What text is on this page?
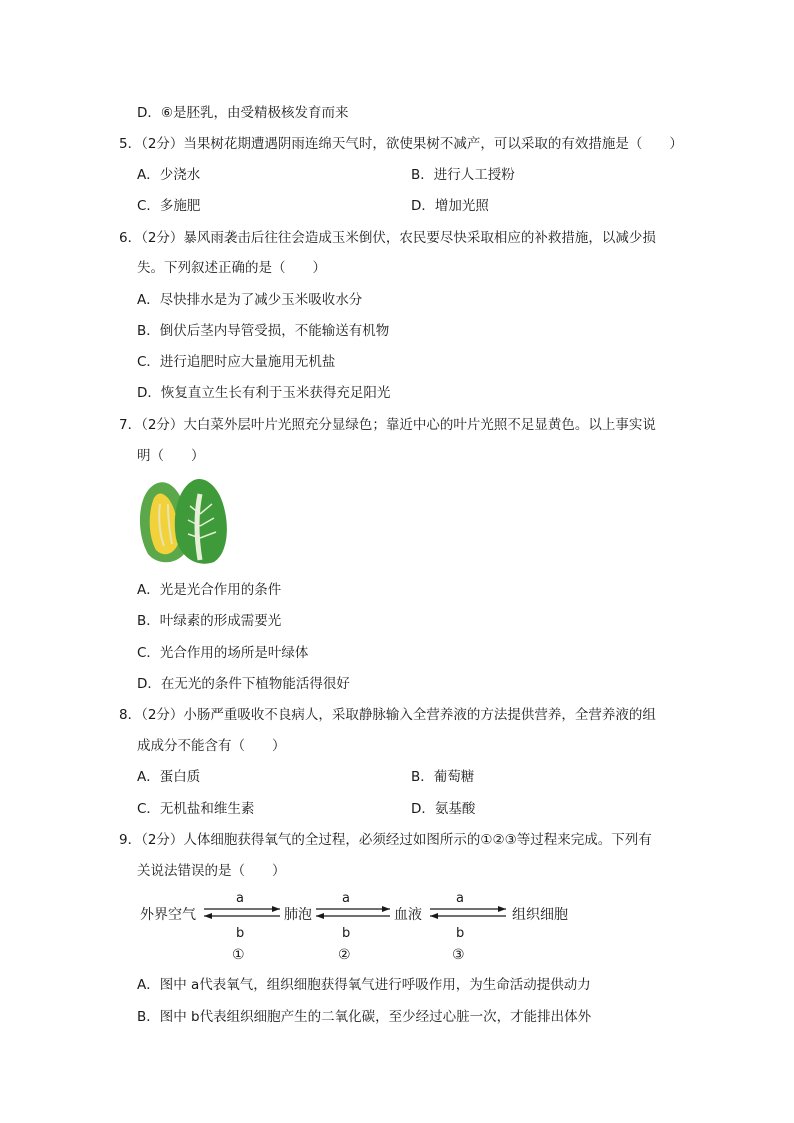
D．⑥是胚乳，由受精极核发育而来
5．（2分）当果树花期遭遇阴雨连绵天气时，欲使果树不减产，可以采取的有效措施是（　　）
A．少浇水	B．进行人工授粉
C．多施肥	D．增加光照
6．（2分）暴风雨袭击后往往会造成玉米倒伏，农民要尽快采取相应的补救措施，以减少损
失。下列叙述正确的是（　　）
A．尽快排水是为了减少玉米吸收水分
B．倒伏后茎内导管受损，不能输送有机物
C．进行追肥时应大量施用无机盐
D．恢复直立生长有利于玉米获得充足阳光
7．（2分）大白菜外层叶片光照充分显绿色；靠近中心的叶片光照不足显黄色。以上事实说
明（　　）
A．光是光合作用的条件
B．叶绿素的形成需要光
C．光合作用的场所是叶绿体
D．在无光的条件下植物能活得很好
8．（2分）小肠严重吸收不良病人，采取静脉输入全营养液的方法提供营养，全营养液的组
成成分不能含有（　　）
A．蛋白质	B．葡萄糖
C．无机盐和维生素	D．氨基酸
9．（2分）人体细胞获得氧气的全过程，必须经过如图所示的①②③等过程来完成。下列有
关说法错误的是（　　）
外界空气	肺泡	血液	组织细胞
a
b
①
a
b
②
a
b
③
A．图中 a代表氧气，组织细胞获得氧气进行呼吸作用，为生命活动提供动力
B．图中 b代表组织细胞产生的二氧化碳，至少经过心脏一次，才能排出体外
